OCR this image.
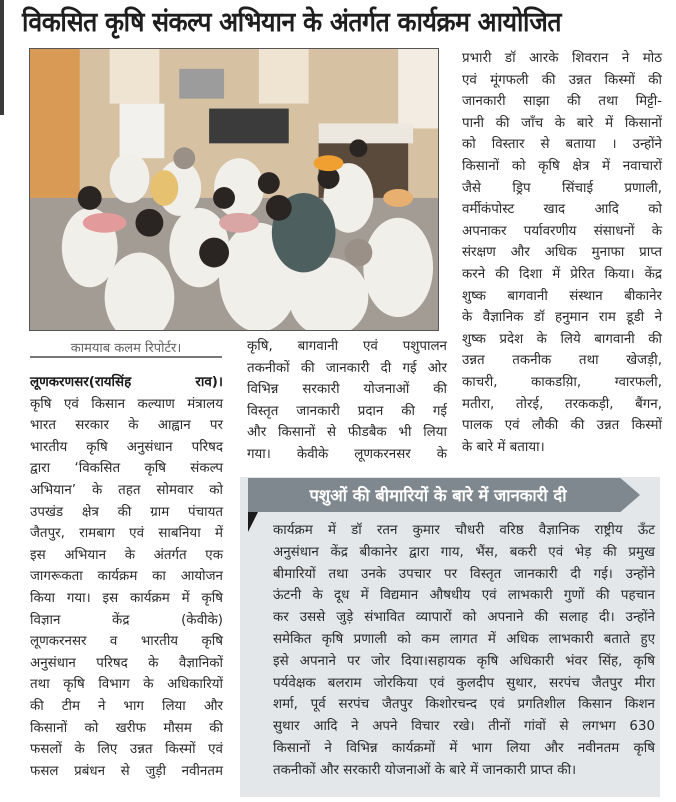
विकसित कृषि संकल्प अभियान के अंतर्गत कार्यक्रम आयोजित
कामयाब कलम रिपोर्टर।

लूणकरणसर(रायसिंह राव)।

कृषि एवं किसान कल्याण मंत्रालय

भारत सरकार के आह्वान पर

भारतीय कृषि अनुसंधान परिषद

द्वारा ‘विकसित कृषि संकल्प

अभियान’ के तहत सोमवार को

उपखंड क्षेत्र की ग्राम पंचायत

जैतपुर, रामबाग एवं साबनिया में

इस अभियान के अंतर्गत एक

जागरूकता कार्यक्रम का आयोजन

किया गया। इस कार्यक्रम में कृषि

विज्ञान केंद्र (केवीके)

लूणकरनसर व भारतीय कृषि

अनुसंधान परिषद के वैज्ञानिकों

तथा कृषि विभाग के अधिकारियों

की टीम ने भाग लिया और

किसानों को खरीफ मौसम की

फसलों के लिए उन्नत किस्मों एवं

फसल प्रबंधन से जुड़ी नवीनतम

कृषि, बागवानी एवं पशुपालन

तकनीकों की जानकारी दी गई ओर

विभिन्न सरकारी योजनाओं की

विस्तृत जानकारी प्रदान की गई

और किसानों से फीडबैक भी लिया

गया। केवीके लूणकरनसर के

प्रभारी डॉ आरके शिवरान ने मोठ

एवं मूंगफली की उन्नत किस्मों की

जानकारी साझा की तथा मिट्टी-

पानी की जाँच के बारे में किसानों

को विस्तार से बताया । उन्होंने

किसानों को कृषि क्षेत्र में नवाचारों

जैसे ड्रिप सिंचाई प्रणाली,

वर्मीकंपोस्ट खाद आदि को

अपनाकर पर्यावरणीय संसाधनों के

संरक्षण और अधिक मुनाफा प्राप्त

करने की दिशा में प्रेरित किया। केंद्र

शुष्क बागवानी संस्थान बीकानेर

के वैज्ञानिक डॉ हनुमान राम डूडी ने

शुष्क प्रदेश के लिये बागवानी की

उन्नत तकनीक तथा खेजड़ी,

काचरी, काकडय़िा, ग्वारफली,

मतीरा, तोरई, तरककड़ी, बैंगन,

पालक एवं लौकी की उन्नत किस्मों

के बारे में बताया।

पशुओं की बीमारियों के बारे में जानकारी दी

कार्यक्रम में डॉ रतन कुमार चौधरी वरिष्ठ वैज्ञानिक राष्ट्रीय ऊँट

अनुसंधान केंद्र बीकानेर द्वारा गाय, भैंस, बकरी एवं भेड़ की प्रमुख

बीमारियों तथा उनके उपचार पर विस्तृत जानकारी दी गई। उन्होंने

ऊंटनी के दूध में विद्यमान औषधीय एवं लाभकारी गुणों की पहचान

कर उससे जुड़े संभावित व्यापारों को अपनाने की सलाह दी। उन्होंने

समेकित कृषि प्रणाली को कम लागत में अधिक लाभकारी बताते हुए

इसे अपनाने पर जोर दिया।सहायक कृषि अधिकारी भंवर सिंह, कृषि

पर्यवेक्षक बलराम जोरकिया एवं कुलदीप सुथार, सरपंच जैतपुर मीरा

शर्मा, पूर्व सरपंच जैतपुर किशोरचन्द एवं प्रगतिशील किसान किशन

सुथार आदि ने अपने विचार रखे। तीनों गांवों से लगभग 630

किसानों ने विभिन्न कार्यक्रमों में भाग लिया और नवीनतम कृषि

तकनीकों और सरकारी योजनाओं के बारे में जानकारी प्राप्त की।
